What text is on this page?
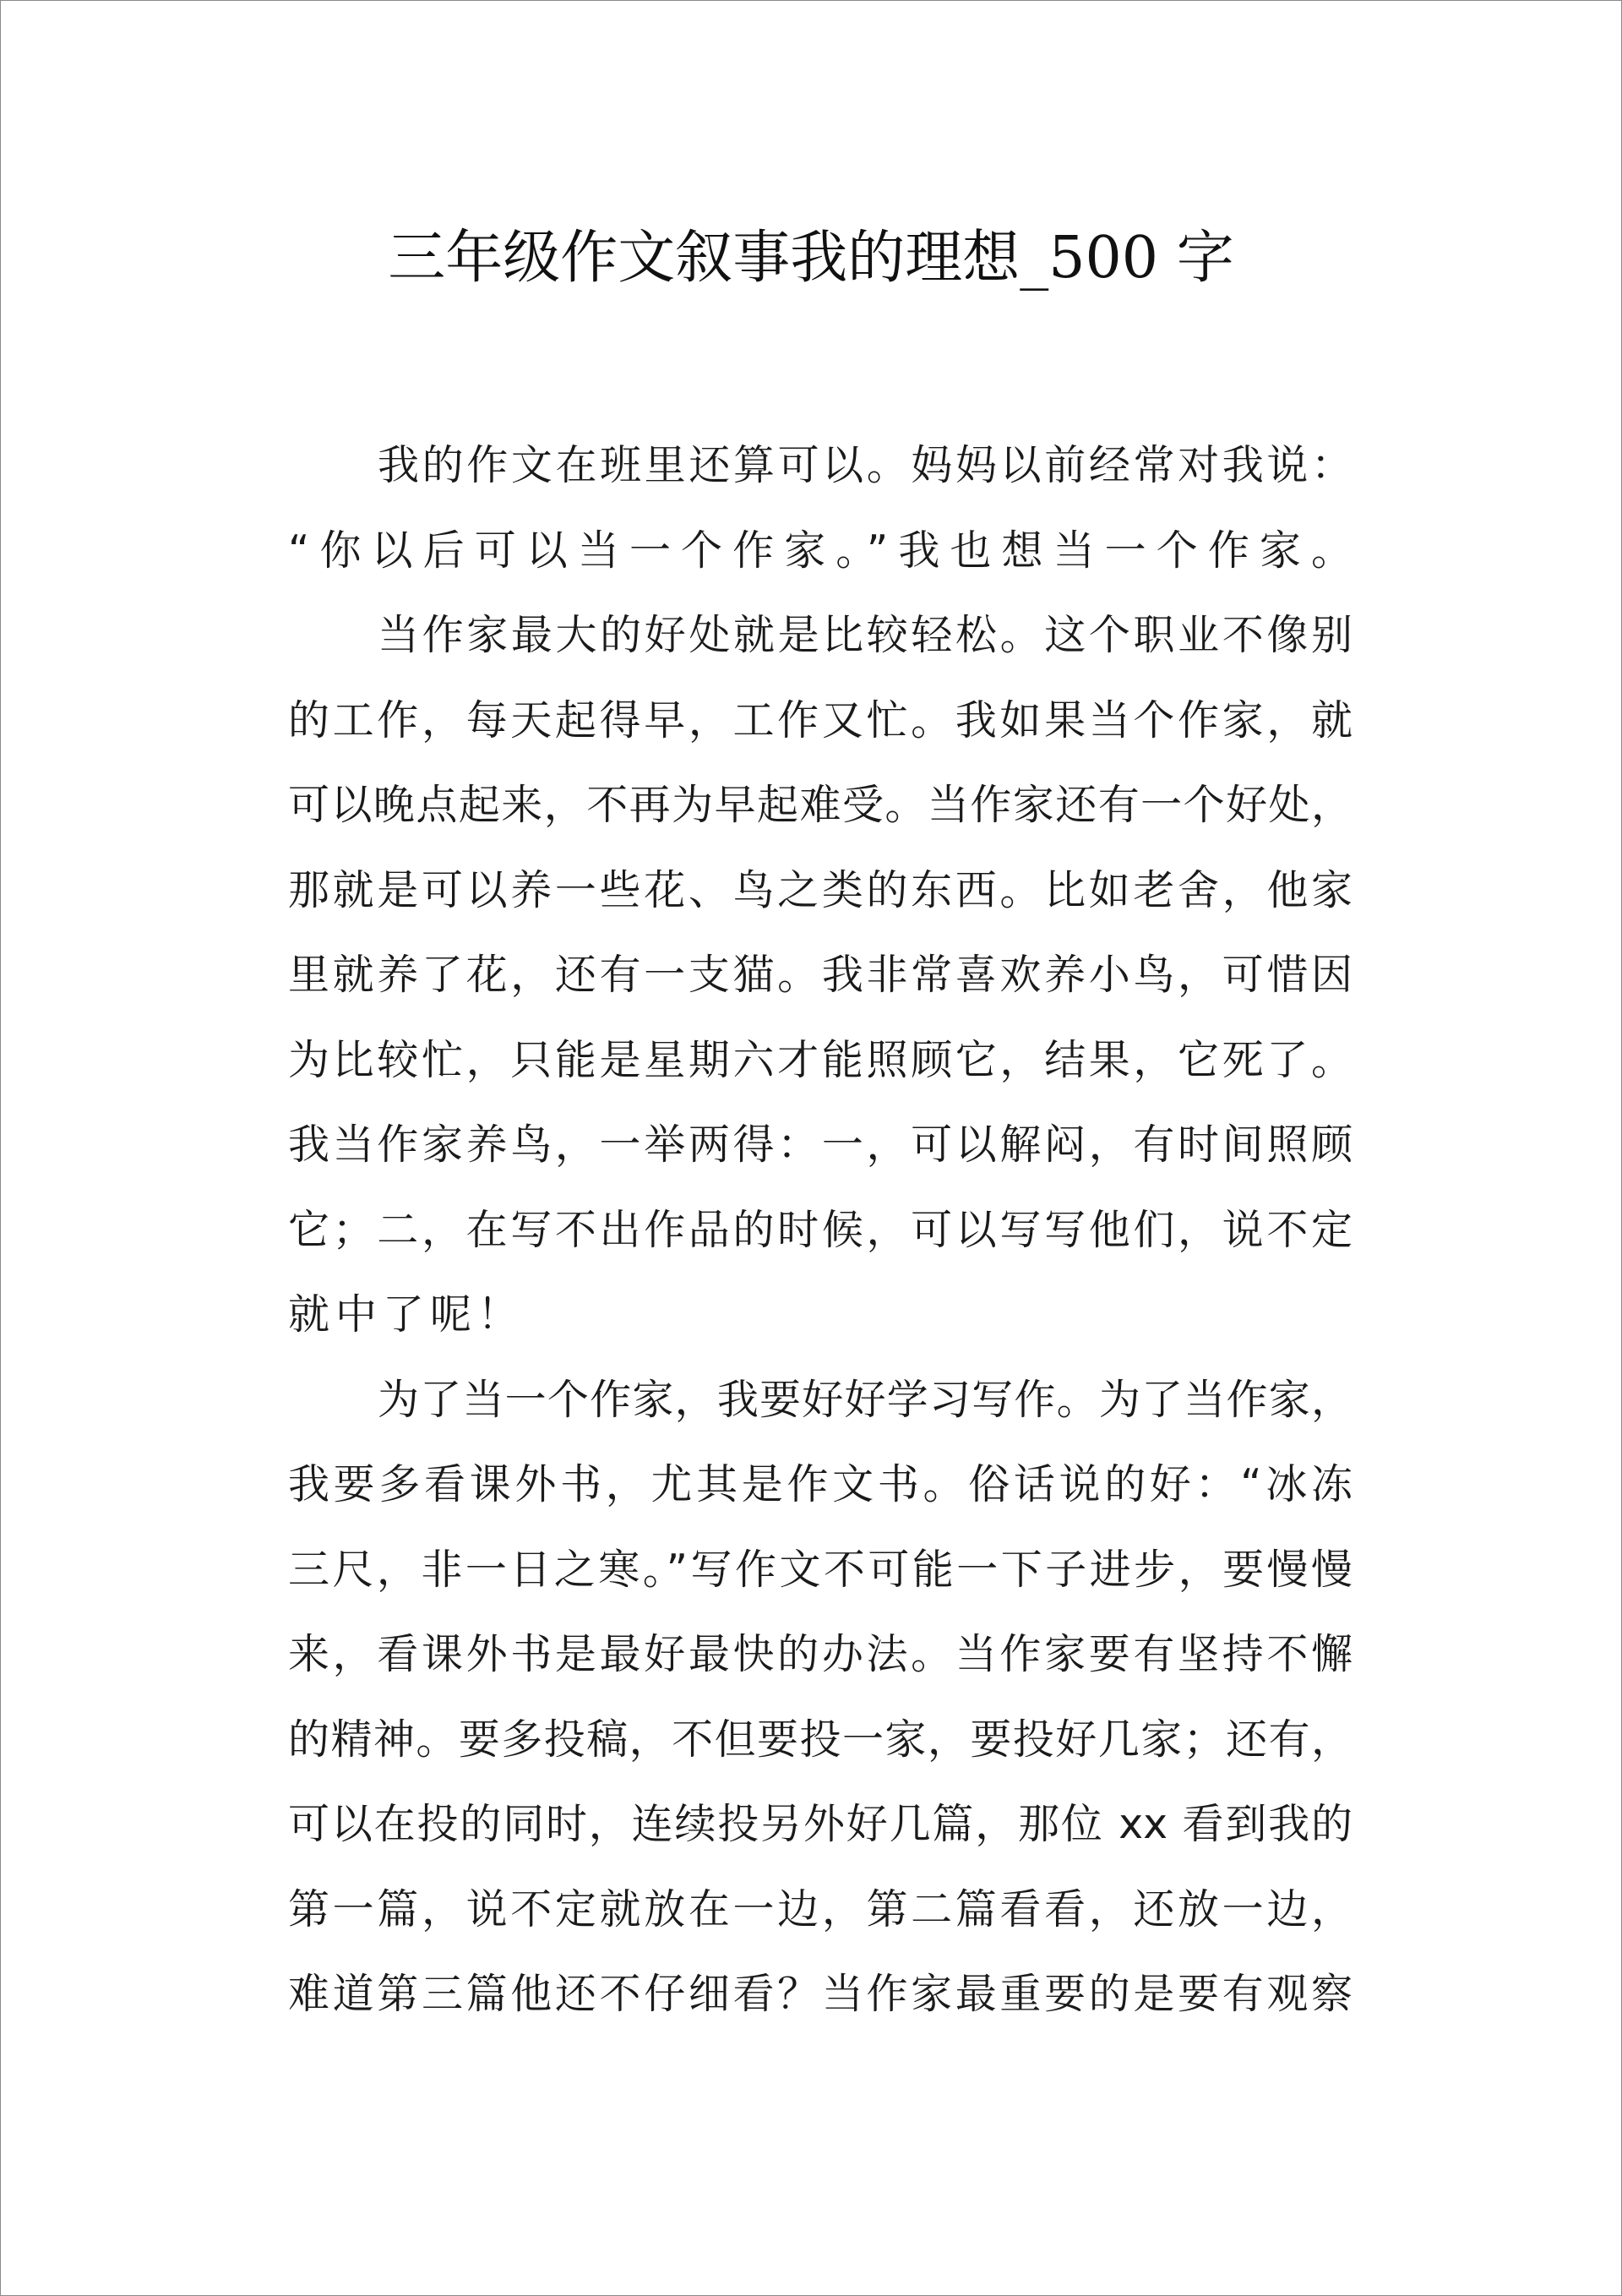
三年级作文叙事我的理想_500 字
我的作文在班里还算可以。妈妈以前经常对我说：
“你以后可以当一个作家。”我也想当一个作家。
当作家最大的好处就是比较轻松。这个职业不像别
的工作，每天起得早，工作又忙。我如果当个作家，就
可以晚点起来，不再为早起难受。当作家还有一个好处，
那就是可以养一些花、鸟之类的东西。比如老舍，他家
里就养了花，还有一支猫。我非常喜欢养小鸟，可惜因
为比较忙，只能是星期六才能照顾它，结果，它死了。
我当作家养鸟，一举两得：一，可以解闷，有时间照顾
它；二，在写不出作品的时候，可以写写他们，说不定
就中了呢！
为了当一个作家，我要好好学习写作。为了当作家，
我要多看课外书，尤其是作文书。俗话说的好：“冰冻
三尺，非一日之寒。”写作文不可能一下子进步，要慢慢
来，看课外书是最好最快的办法。当作家要有坚持不懈
的精神。要多投稿，不但要投一家，要投好几家；还有，
可以在投的同时，连续投另外好几篇，那位 xx 看到我的
第一篇，说不定就放在一边，第二篇看看，还放一边，
难道第三篇他还不仔细看？当作家最重要的是要有观察
